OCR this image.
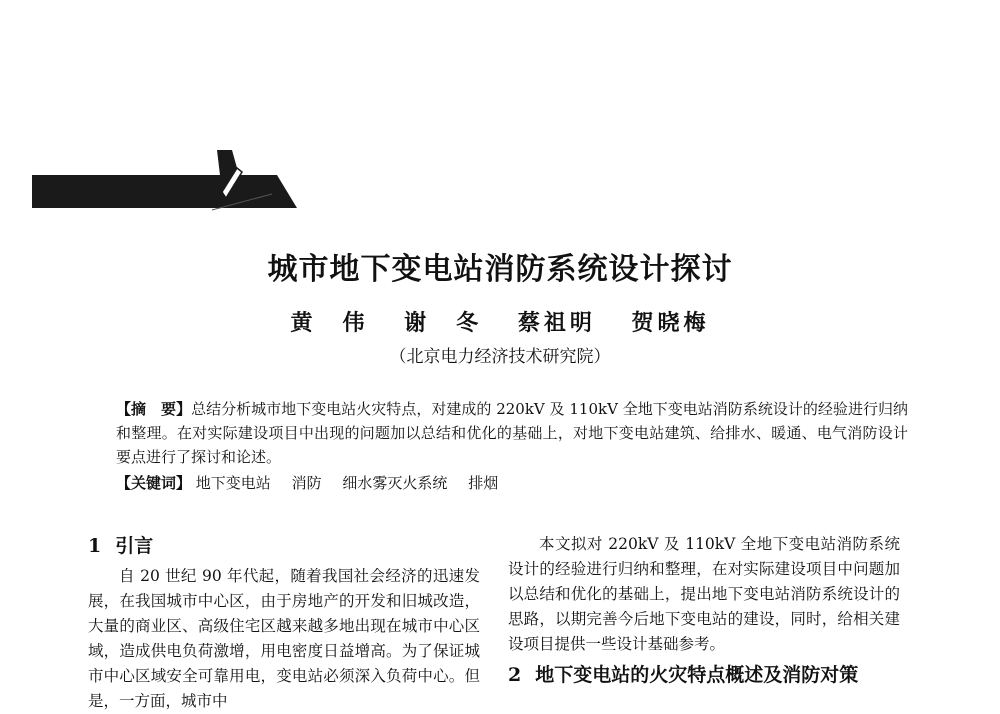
城市地下变电站消防系统设计探讨
黄　伟 谢　冬 蔡祖明 贺晓梅
（北京电力经济技术研究院）

【摘　要】总结分析城市地下变电站火灾特点，对建成的 220kV 及 110kV 全地下变电站消防系统设计的经验进行归纳和整理。在对实际建设项目中出现的问题加以总结和优化的基础上，对地下变电站建筑、给排水、暖通、电气消防设计要点进行了探讨和论述。

【关键词】 地下变电站 消防 细水雾灭火系统 排烟

1 引言

自 20 世纪 90 年代起，随着我国社会经济的迅速发展，在我国城市中心区，由于房地产的开发和旧城改造，大量的商业区、高级住宅区越来越多地出现在城市中心区域，造成供电负荷激增，用电密度日益增高。为了保证城市中心区域安全可靠用电，变电站必须深入负荷中心。但是，一方面，城市中

本文拟对 220kV 及 110kV 全地下变电站消防系统设计的经验进行归纳和整理，在对实际建设项目中问题加以总结和优化的基础上，提出地下变电站消防系统设计的思路，以期完善今后地下变电站的建设，同时，给相关建设项目提供一些设计基础参考。

2 地下变电站的火灾特点概述及消防对策
